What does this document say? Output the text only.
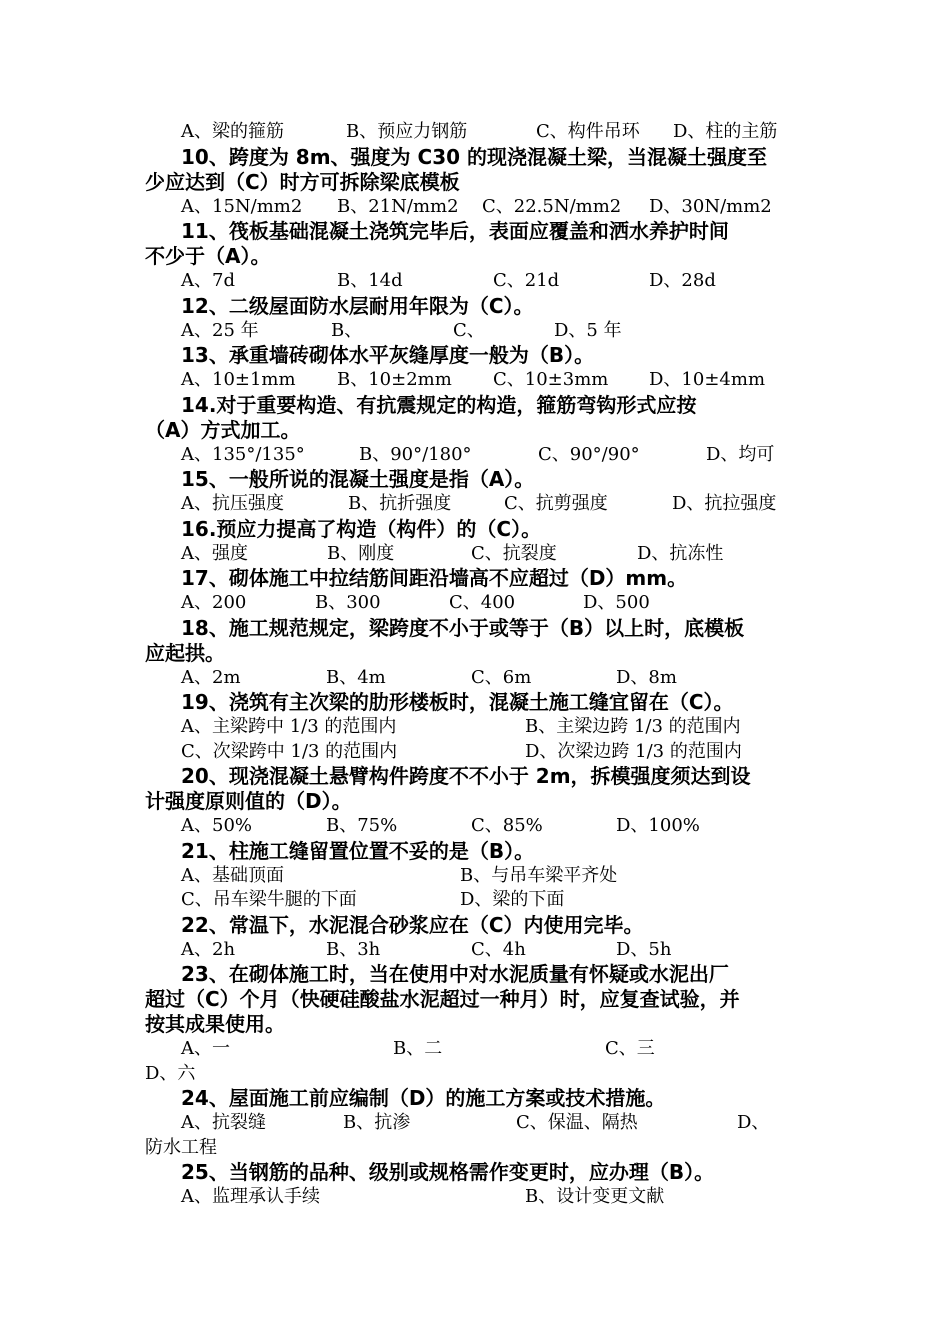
A、梁的箍筋	B、预应力钢筋	C、构件吊环	D、柱的主筋

10、跨度为 8m、强度为 C30 的现浇混凝土梁，当混凝土强度至

少应达到（C）时方可拆除梁底模板

A、15N/mm2	B、21N/mm2	C、22.5N/mm2	D、30N/mm2

11、筏板基础混凝土浇筑完毕后，表面应覆盖和洒水养护时间

不少于（A）。

A、7d	B、14d	C、21d	D、28d

12、二级屋面防水层耐用年限为（C）。

A、25 年	B、	C、	D、5 年

13、承重墙砖砌体水平灰缝厚度一般为（B）。

A、10±1mm	B、10±2mm	C、10±3mm	D、10±4mm

14.对于重要构造、有抗震规定的构造，箍筋弯钩形式应按

（A）方式加工。

A、135°/135°	B、90°/180°	C、90°/90°	D、均可

15、一般所说的混凝土强度是指（A）。

A、抗压强度	B、抗折强度	C、抗剪强度	D、抗拉强度

16.预应力提高了构造（构件）的（C）。

A、强度	B、刚度	C、抗裂度	D、抗冻性

17、砌体施工中拉结筋间距沿墙高不应超过（D）mm。

A、200	B、300	C、400	D、500

18、施工规范规定，梁跨度不小于或等于（B）以上时，底模板

应起拱。

A、2m	B、4m	C、6m	D、8m

19、浇筑有主次梁的肋形楼板时，混凝土施工缝宜留在（C）。

A、主梁跨中 1/3 的范围内	B、主梁边跨 1/3 的范围内
C、次梁跨中 1/3 的范围内	D、次梁边跨 1/3 的范围内

20、现浇混凝土悬臂构件跨度不不小于 2m，拆模强度须达到设

计强度原则值的（D）。

A、50%	B、75%	C、85%	D、100%

21、柱施工缝留置位置不妥的是（B）。

A、基础顶面	B、与吊车梁平齐处
C、吊车梁牛腿的下面	D、梁的下面

22、常温下，水泥混合砂浆应在（C）内使用完毕。

A、2h	B、3h	C、4h	D、5h

23、在砌体施工时，当在使用中对水泥质量有怀疑或水泥出厂

超过（C）个月（快硬硅酸盐水泥超过一种月）时，应复查试验，并

按其成果使用。

A、一	B、二	C、三
D、六

24、屋面施工前应编制（D）的施工方案或技术措施。

A、抗裂缝	B、抗渗	C、保温、隔热	D、
防水工程

25、当钢筋的品种、级别或规格需作变更时，应办理（B）。

A、监理承认手续	B、设计变更文献
